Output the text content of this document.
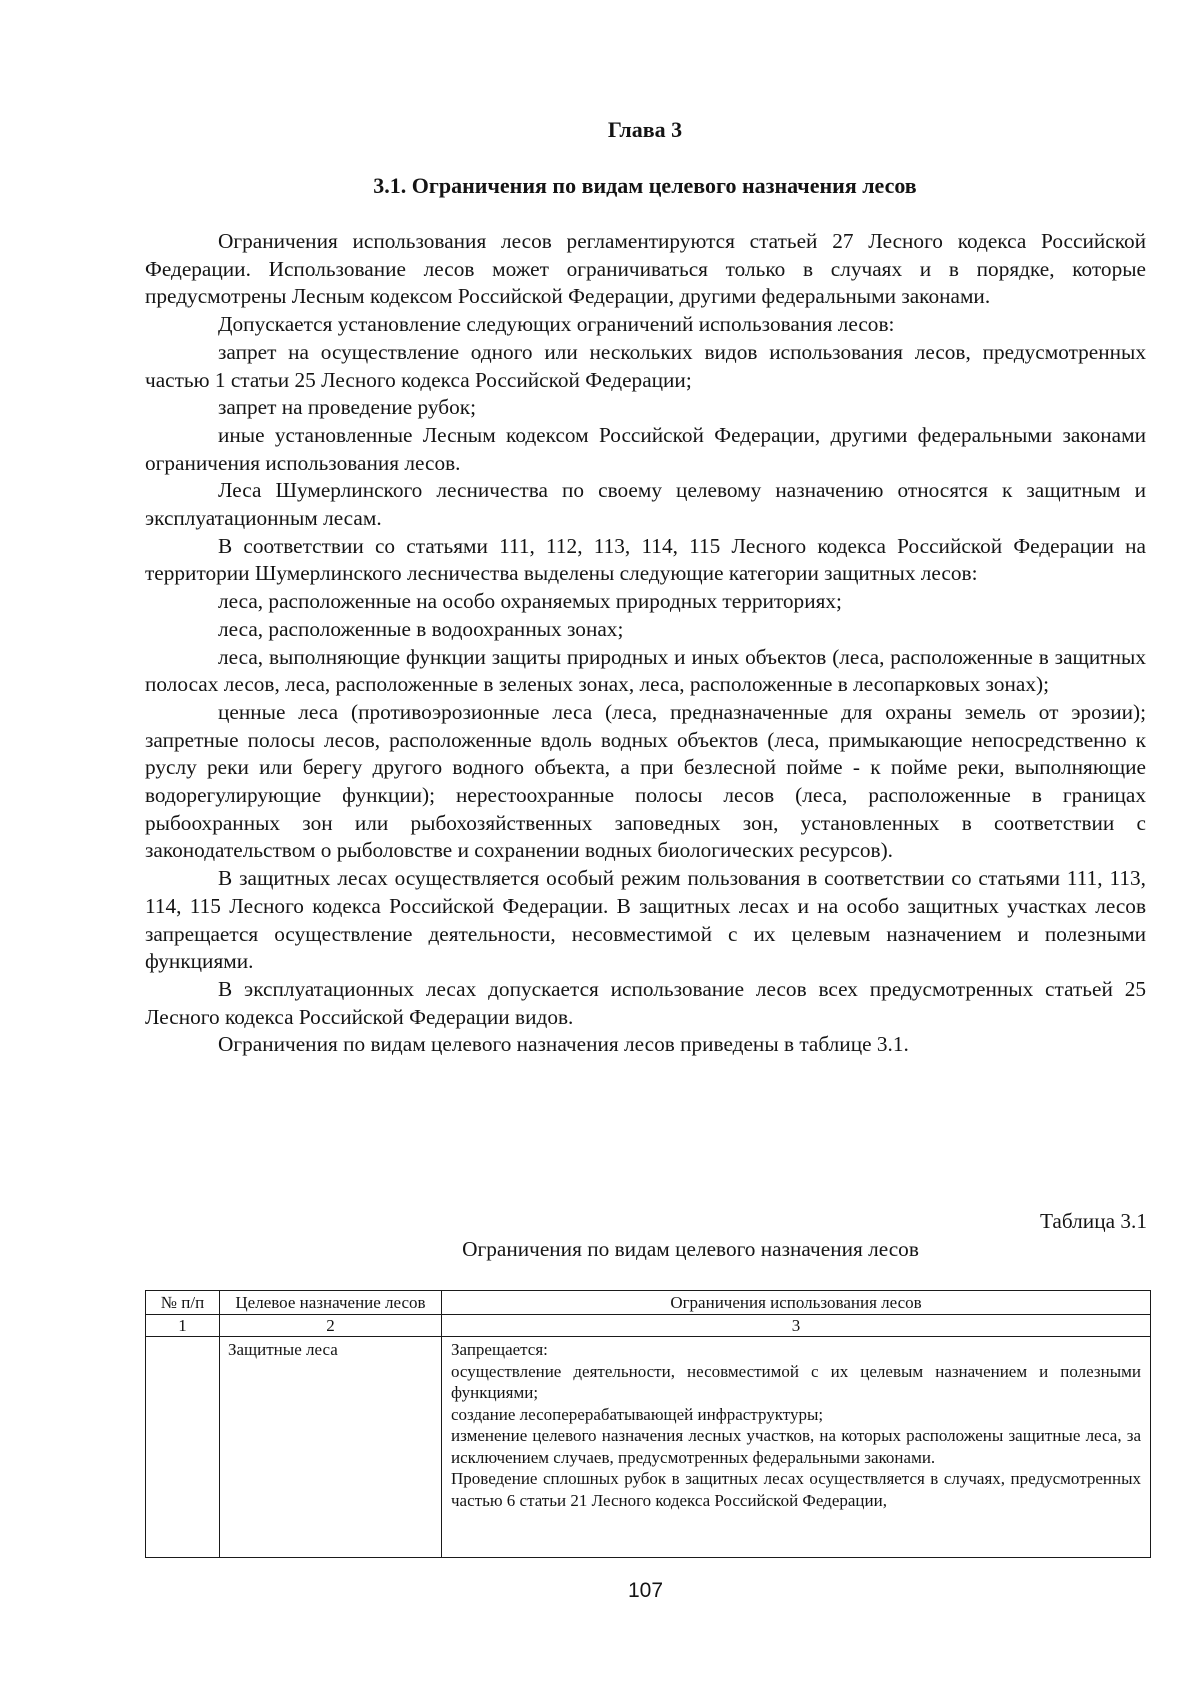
Глава 3
3.1. Ограничения по видам целевого назначения лесов

Ограничения использования лесов регламентируются статьей 27 Лесного кодекса Российской Федерации. Использование лесов может ограничиваться только в случаях и в порядке, которые предусмотрены Лесным кодексом Российской Федерации, другими федеральными законами.

Допускается установление следующих ограничений использования лесов:

запрет на осуществление одного или нескольких видов использования лесов, предусмотренных частью 1 статьи 25 Лесного кодекса Российской Федерации;

запрет на проведение рубок;

иные установленные Лесным кодексом Российской Федерации, другими федеральными законами ограничения использования лесов.

Леса Шумерлинского лесничества по своему целевому назначению относятся к защитным и эксплуатационным лесам.

В соответствии со статьями 111, 112, 113, 114, 115 Лесного кодекса Российской Федерации на территории Шумерлинского лесничества выделены следующие категории защитных лесов:

леса, расположенные на особо охраняемых природных территориях;

леса, расположенные в водоохранных зонах;

леса, выполняющие функции защиты природных и иных объектов (леса, расположенные в защитных полосах лесов, леса, расположенные в зеленых зонах, леса, расположенные в лесопарковых зонах);

ценные леса (противоэрозионные леса (леса, предназначенные для охраны земель от эрозии); запретные полосы лесов, расположенные вдоль водных объектов (леса, примыкающие непосредственно к руслу реки или берегу другого водного объекта, а при безлесной пойме - к пойме реки, выполняющие водорегулирующие функции); нерестоохранные полосы лесов (леса, расположенные в границах рыбоохранных зон или рыбохозяйственных заповедных зон, установленных в соответствии с законодательством о рыболовстве и сохранении водных биологических ресурсов).

В защитных лесах осуществляется особый режим пользования в соответствии со статьями 111, 113, 114, 115 Лесного кодекса Российской Федерации. В защитных лесах и на особо защитных участках лесов запрещается осуществление деятельности, несовместимой с их целевым назначением и полезными функциями.

В эксплуатационных лесах допускается использование лесов всех предусмотренных статьей 25 Лесного кодекса Российской Федерации видов.

Ограничения по видам целевого назначения лесов приведены в таблице 3.1.

Таблица 3.1
Ограничения по видам целевого назначения лесов
№ п/п	Целевое назначение лесов	Ограничения использования лесов
1	2	3
	Защитные леса	Запрещается:
осуществление деятельности, несовместимой с их целевым назначением и полезными функциями;
создание лесоперерабатывающей инфраструктуры;
изменение целевого назначения лесных участков, на которых расположены защитные леса, за исключением случаев, предусмотренных федеральными законами.
Проведение сплошных рубок в защитных лесах осуществляется в случаях, предусмотренных частью 6 статьи 21 Лесного кодекса Российской Федерации,
107
